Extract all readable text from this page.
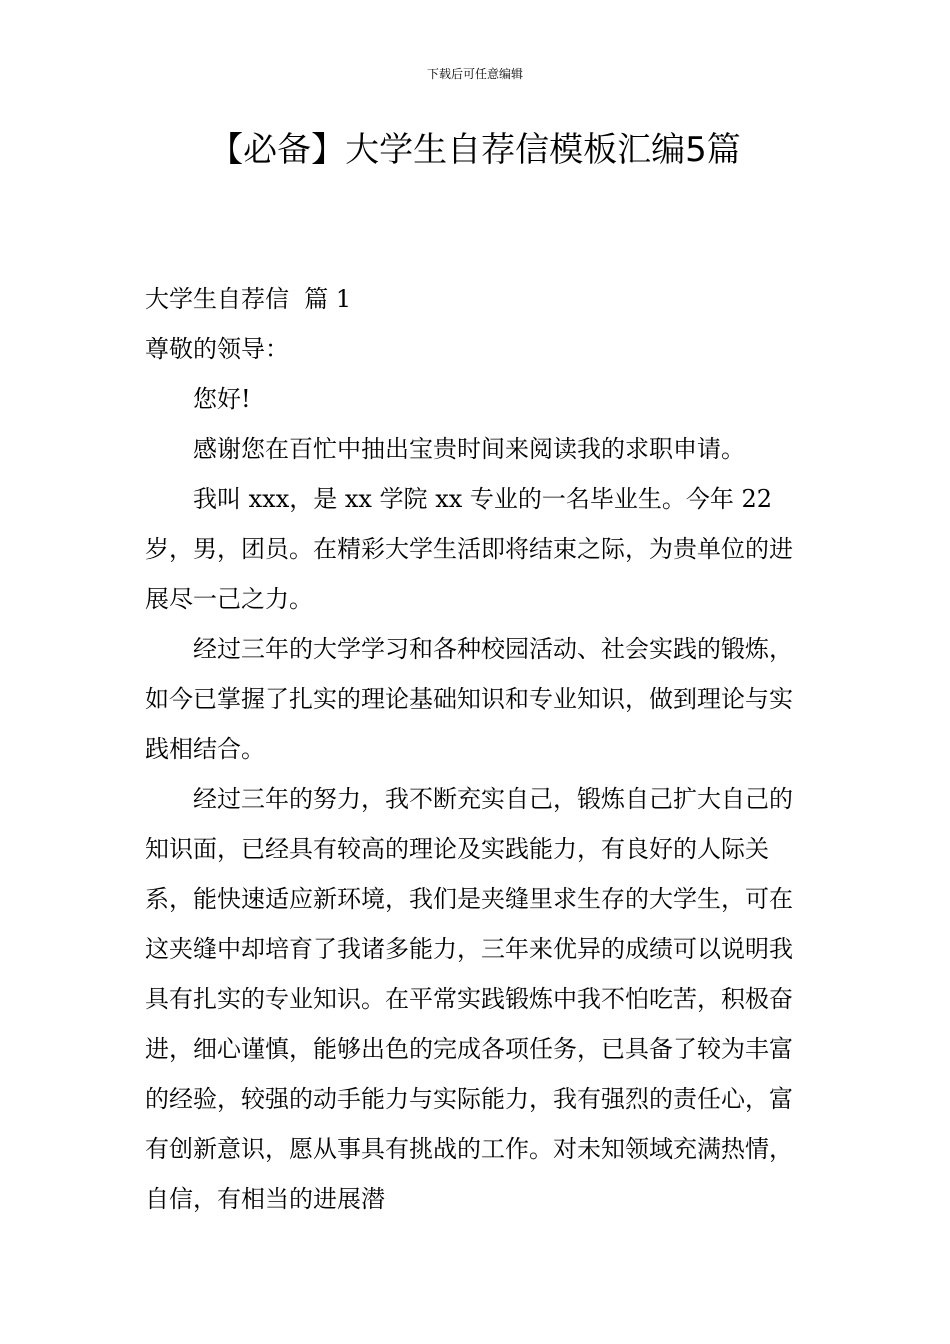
下载后可任意编辑
【必备】大学生自荐信模板汇编5篇

大学生自荐信  篇 1

尊敬的领导：

您好!

感谢您在百忙中抽出宝贵时间来阅读我的求职申请。

我叫 xxx，是 xx 学院 xx 专业的一名毕业生。今年 22 岁，男，团员。在精彩大学生活即将结束之际，为贵单位的进展尽一己之力。

经过三年的大学学习和各种校园活动、社会实践的锻炼，如今已掌握了扎实的理论基础知识和专业知识，做到理论与实践相结合。

经过三年的努力，我不断充实自己，锻炼自己扩大自己的知识面，已经具有较高的理论及实践能力，有良好的人际关系，能快速适应新环境，我们是夹缝里求生存的大学生，可在这夹缝中却培育了我诸多能力，三年来优异的成绩可以说明我具有扎实的专业知识。在平常实践锻炼中我不怕吃苦，积极奋进，细心谨慎，能够出色的完成各项任务，已具备了较为丰富的经验，较强的动手能力与实际能力，我有强烈的责任心，富有创新意识，愿从事具有挑战的工作。对未知领域充满热情，自信，有相当的进展潜
